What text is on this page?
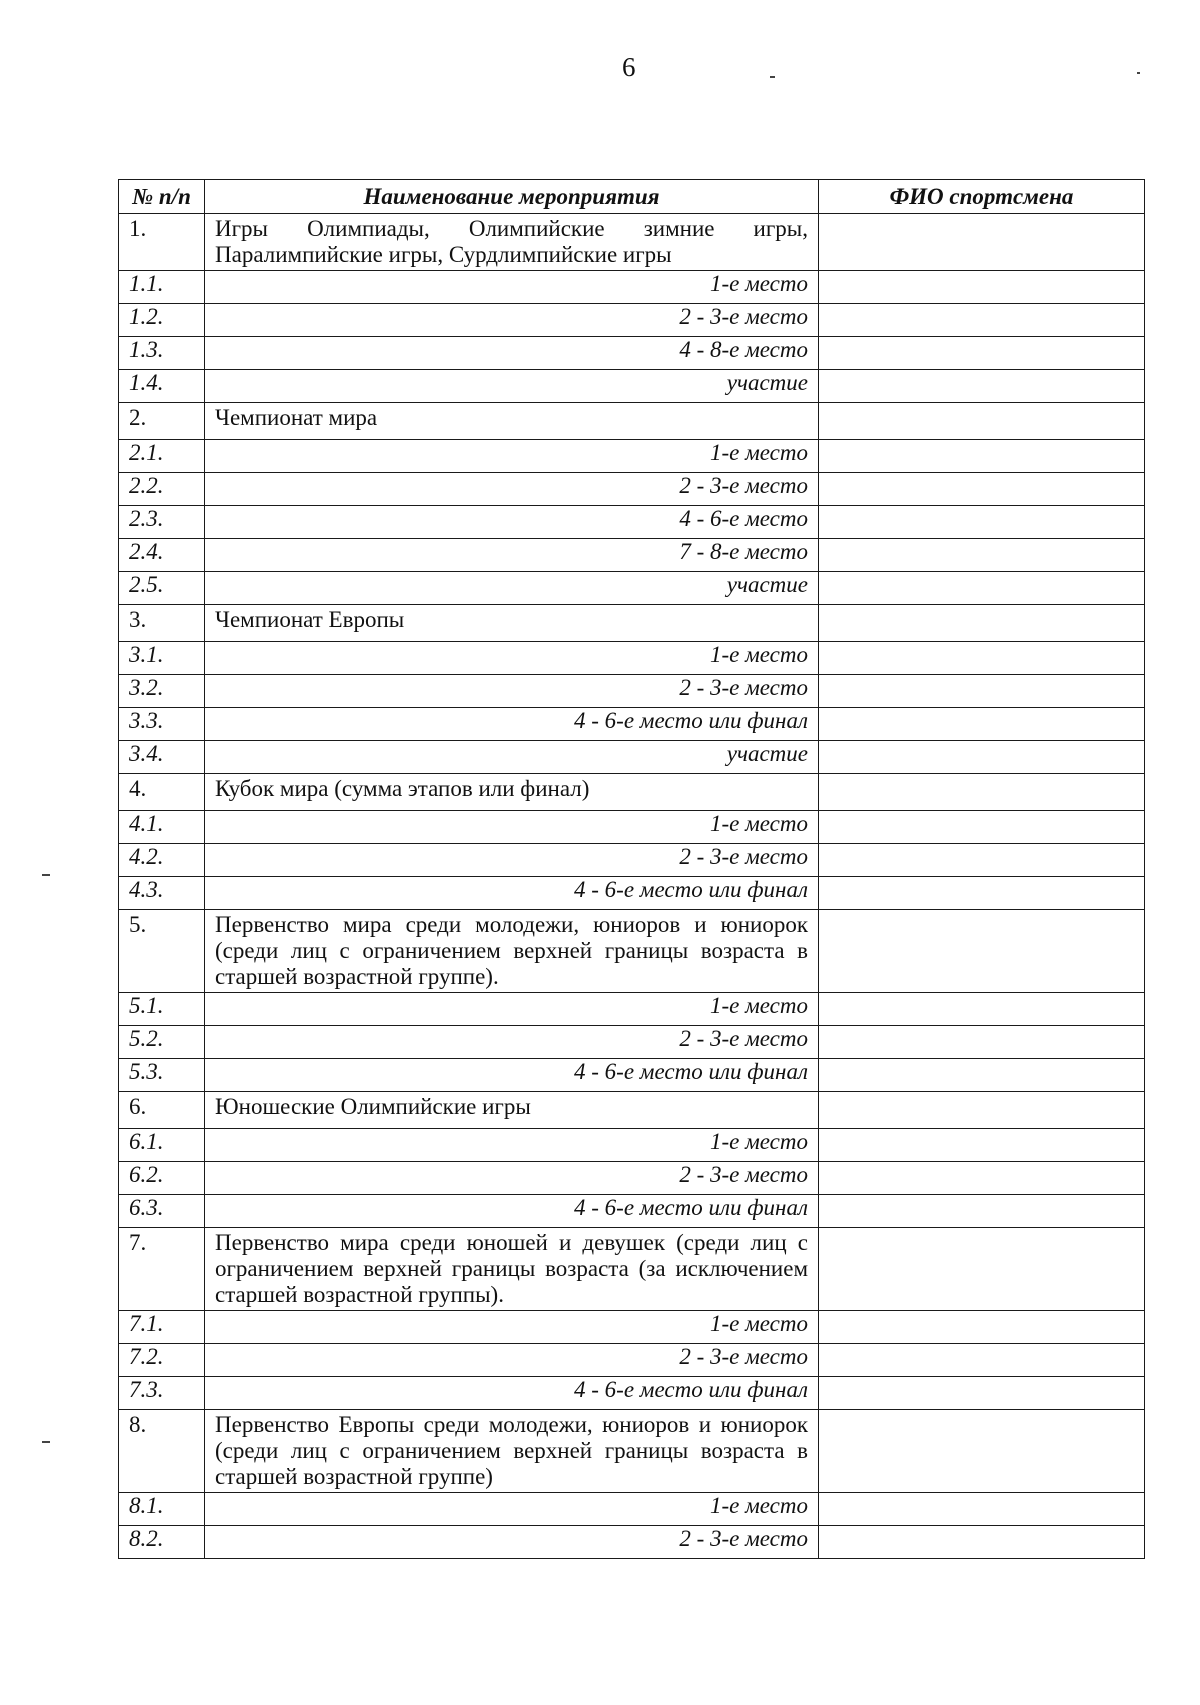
6
№ п/п	Наименование мероприятия	ФИО спортсмена
1.	Игры Олимпиады, Олимпийские зимние игры, Паралимпийские игры, Сурдлимпийские игры	
1.1.	1-е место	
1.2.	2 - 3-е место	
1.3.	4 - 8-е место	
1.4.	участие	
2.	Чемпионат мира	
2.1.	1-е место	
2.2.	2 - 3-е место	
2.3.	4 - 6-е место	
2.4.	7 - 8-е место	
2.5.	участие	
3.	Чемпионат Европы	
3.1.	1-е место	
3.2.	2 - 3-е место	
3.3.	4 - 6-е место или финал	
3.4.	участие	
4.	Кубок мира (сумма этапов или финал)	
4.1.	1-е место	
4.2.	2 - 3-е место	
4.3.	4 - 6-е место или финал	
5.	Первенство мира среди молодежи, юниоров и юниорок (среди лиц с ограничением верхней границы возраста в старшей возрастной группе).	
5.1.	1-е место	
5.2.	2 - 3-е место	
5.3.	4 - 6-е место или финал	
6.	Юношеские Олимпийские игры	
6.1.	1-е место	
6.2.	2 - 3-е место	
6.3.	4 - 6-е место или финал	
7.	Первенство мира среди юношей и девушек (среди лиц с ограничением верхней границы возраста (за исключением старшей возрастной группы).	
7.1.	1-е место	
7.2.	2 - 3-е место	
7.3.	4 - 6-е место или финал	
8.	Первенство Европы среди молодежи, юниоров и юниорок (среди лиц с ограничением верхней границы возраста в старшей возрастной группе)	
8.1.	1-е место	
8.2.	2 - 3-е место	
